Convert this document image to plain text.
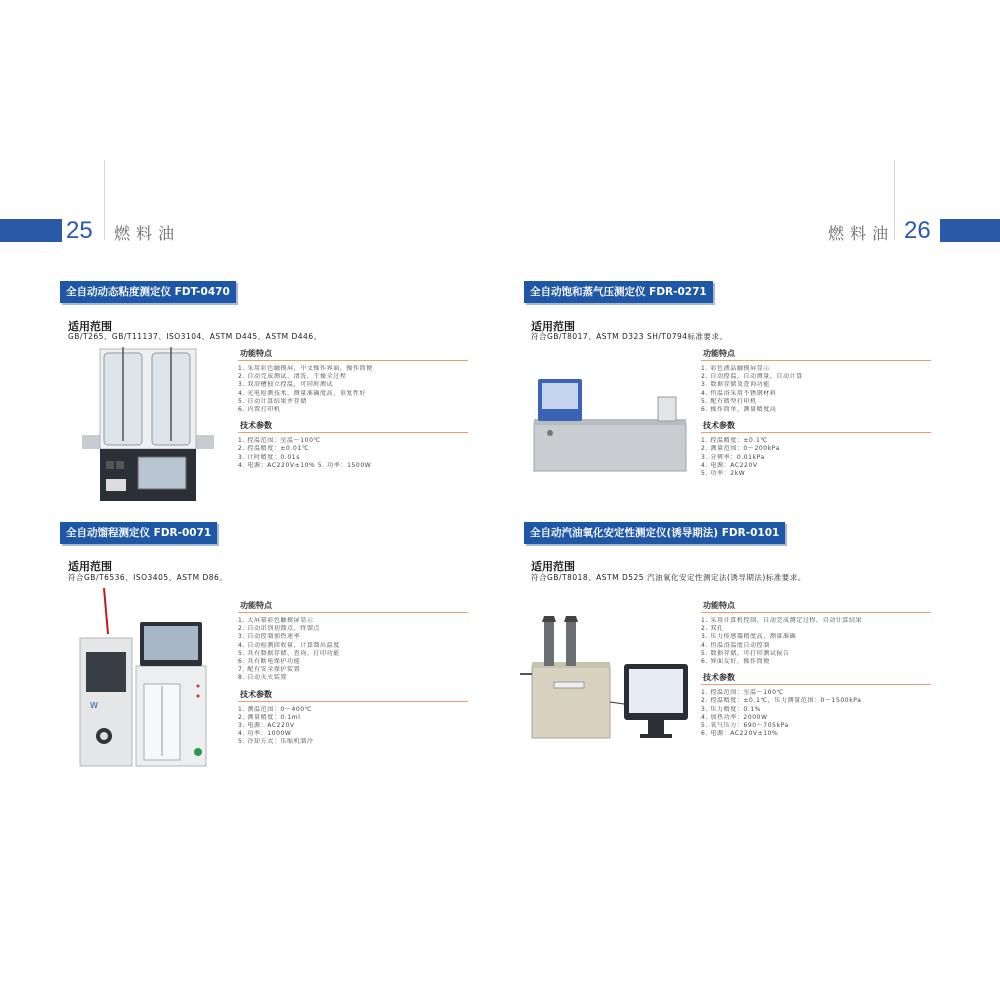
25 燃料油	燃料油 26
全自动动态粘度测定仪 FDT-0470
适用范围
GB/T265、GB/T11137、ISO3104、ASTM D445、ASTM D446。
功能特点
1. 采用彩色触摸屏，中文操作界面，操作简便
2. 自动完成测试、清洗、干燥全过程
3. 双浴槽独立控温，可同时测试
4. 光电检测技术，测量准确度高，重复性好
5. 自动计算结果并存储
6. 内置打印机
技术参数
1. 控温范围：室温～100℃
2. 控温精度：±0.01℃
3. 计时精度：0.01s
4. 电源：AC220V±10% 5. 功率：1500W
全自动饱和蒸气压测定仪 FDR-0271
适用范围
符合GB/T8017、ASTM D323 SH/T0794标准要求。
功能特点
1. 彩色液晶触摸屏显示
2. 自动控温，自动测量，自动计算
3. 数据存储及查询功能
4. 恒温浴采用不锈钢材料
5. 配有微型打印机
6. 操作简单，测量精度高
技术参数
1. 控温精度：±0.1℃
2. 测量范围：0～200kPa
3. 分辨率：0.01kPa
4. 电源：AC220V
5. 功率：2kW
全自动馏程测定仪 FDR-0071
适用范围
符合GB/T6536、ISO3405、ASTM D86。
W
功能特点
1. 大屏幕彩色触摸屏显示
2. 自动识别初馏点、终馏点
3. 自动控制加热速率
4. 自动检测回收量，计算馏出温度
5. 具有数据存储、查询、打印功能
6. 具有断电保护功能
7. 配有安全保护装置
8. 自动灭火装置
技术参数
1. 测温范围：0～400℃
2. 测量精度：0.1ml
3. 电源：AC220V
4. 功率：1000W
5. 冷却方式：压缩机制冷
全自动汽油氧化安定性测定仪(诱导期法) FDR-0101
适用范围
符合GB/T8018、ASTM D525 汽油氧化安定性测定法(诱导期法)标准要求。
功能特点
1. 采用计算机控制，自动完成测定过程，自动计算结果
2. 双孔
3. 压力传感器精度高，测量准确
4. 恒温浴温度自动控制
5. 数据存储，可打印测试报告
6. 界面友好，操作简便
技术参数
1. 控温范围：室温～100℃
2. 控温精度：±0.1℃，压力测量范围：0～1500kPa
3. 压力精度：0.1%
4. 加热功率：2000W
5. 氧气压力：690～705kPa
6. 电源：AC220V±10%
